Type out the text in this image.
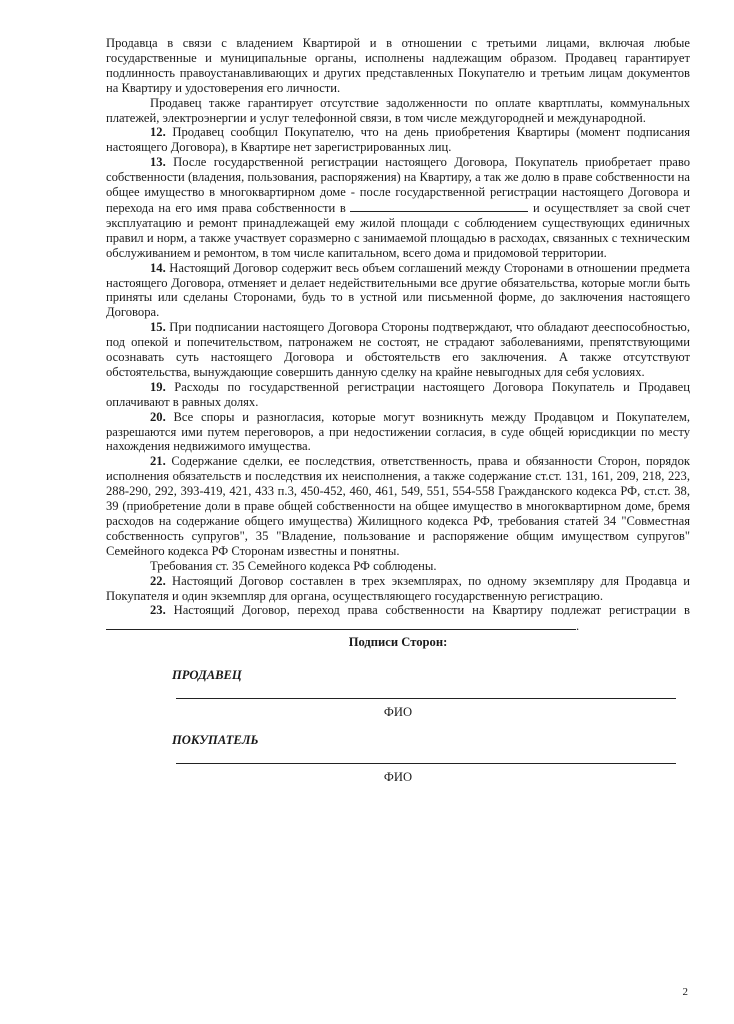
Продавца в связи с владением Квартирой и в отношении с третьими лицами, включая любые государственные и муниципальные органы, исполнены надлежащим образом. Продавец гарантирует подлинность правоустанавливающих и других представленных Покупателю и третьим лицам документов на Квартиру и удостоверения его личности.

Продавец также гарантирует отсутствие задолженности по оплате квартплаты, коммунальных платежей, электроэнергии и услуг телефонной связи, в том числе междугородней и международной.

12. Продавец сообщил Покупателю, что на день приобретения Квартиры (момент подписания настоящего Договора), в Квартире нет зарегистрированных лиц.

13. После государственной регистрации настоящего Договора, Покупатель приобретает право собственности (владения, пользования, распоряжения) на Квартиру, а так же долю в праве собственности на общее имущество в многоквартирном доме - после государственной регистрации настоящего Договора и перехода на его имя права собственности в	и осуществляет за свой счет эксплуатацию и ремонт принадлежащей ему жилой площади с соблюдением существующих единичных правил и норм, а также участвует соразмерно с занимаемой площадью в расходах, связанных с техническим обслуживанием и ремонтом, в том числе капитальном, всего дома и придомовой территории.

14. Настоящий Договор содержит весь объем соглашений между Сторонами в отношении предмета настоящего Договора, отменяет и делает недействительными все другие обязательства, которые могли быть приняты или сделаны Сторонами, будь то в устной или письменной форме, до заключения настоящего Договора.

15. При подписании настоящего Договора Стороны подтверждают, что обладают дееспособностью, под опекой и попечительством, патронажем не состоят, не страдают заболеваниями, препятствующими осознавать суть настоящего Договора и обстоятельств его заключения. А также отсутствуют обстоятельства, вынуждающие совершить данную сделку на крайне невыгодных для себя условиях.

19. Расходы по государственной регистрации настоящего Договора Покупатель и Продавец оплачивают в равных долях.

20. Все споры и разногласия, которые могут возникнуть между Продавцом и Покупателем, разрешаются ими путем переговоров, а при недостижении согласия, в суде общей юрисдикции по месту нахождения недвижимого имущества.

21. Содержание сделки, ее последствия, ответственность, права и обязанности Сторон, порядок исполнения обязательств и последствия их неисполнения, а также содержание ст.ст. 131, 161, 209, 218, 223, 288-290, 292, 393-419, 421, 433 п.3, 450-452, 460, 461, 549, 551, 554-558 Гражданского кодекса РФ, ст.ст. 38, 39 (приобретение доли в праве общей собственности на общее имущество в многоквартирном доме, бремя расходов на содержание общего имущества) Жилищного кодекса РФ, требования статей 34 "Совместная собственность супругов", 35 "Владение, пользование и распоряжение общим имуществом супругов" Семейного кодекса РФ Сторонам известны и понятны.

Требования ст. 35 Семейного кодекса РФ соблюдены.

22. Настоящий Договор составлен в трех экземплярах, по одному экземпляру для Продавца и Покупателя и один экземпляр для органа, осуществляющего государственную регистрацию.

23. Настоящий Договор, переход права собственности на Квартиру подлежат регистрации в .

Подписи Сторон:
ПРОДАВЕЦ
ФИО
ПОКУПАТЕЛЬ
ФИО
2
